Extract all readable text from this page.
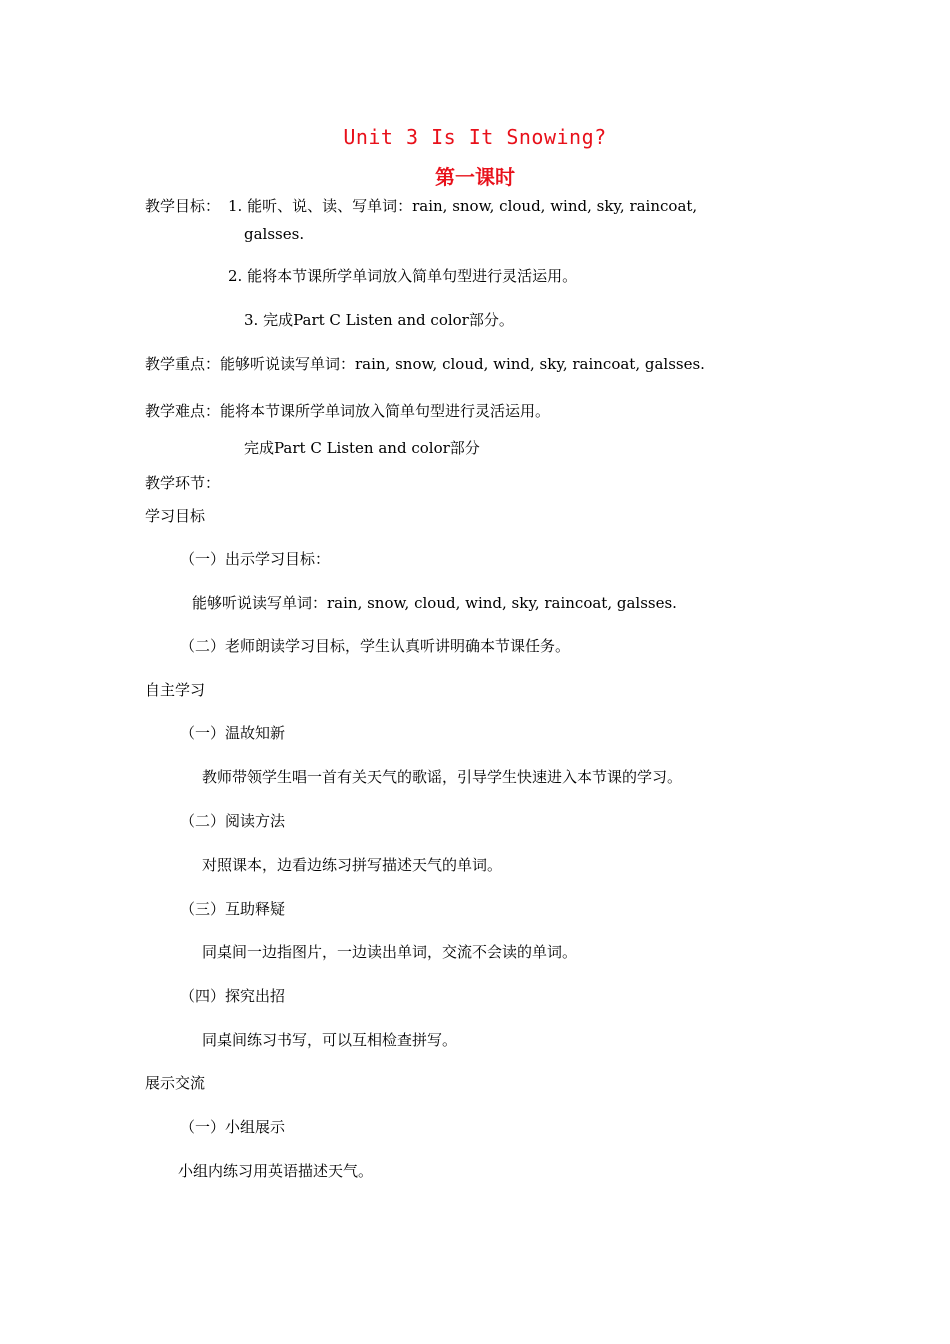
Unit 3 Is It Snowing?
第一课时
教学目标： 1. 能听、说、读、写单词：rain, snow, cloud, wind, sky, raincoat,
galsses.
2. 能将本节课所学单词放入简单句型进行灵活运用。
3. 完成Part C Listen and color部分。
教学重点：能够听说读写单词：rain, snow, cloud, wind, sky, raincoat, galsses.
教学难点：能将本节课所学单词放入简单句型进行灵活运用。
完成Part C Listen and color部分
教学环节：
学习目标
（一）出示学习目标：
能够听说读写单词：rain, snow, cloud, wind, sky, raincoat, galsses.
（二）老师朗读学习目标，学生认真听讲明确本节课任务。
自主学习
（一）温故知新
教师带领学生唱一首有关天气的歌谣，引导学生快速进入本节课的学习。
（二）阅读方法
对照课本，边看边练习拼写描述天气的单词。
（三）互助释疑
同桌间一边指图片，一边读出单词，交流不会读的单词。
（四）探究出招
同桌间练习书写，可以互相检查拼写。
展示交流
（一）小组展示
小组内练习用英语描述天气。
